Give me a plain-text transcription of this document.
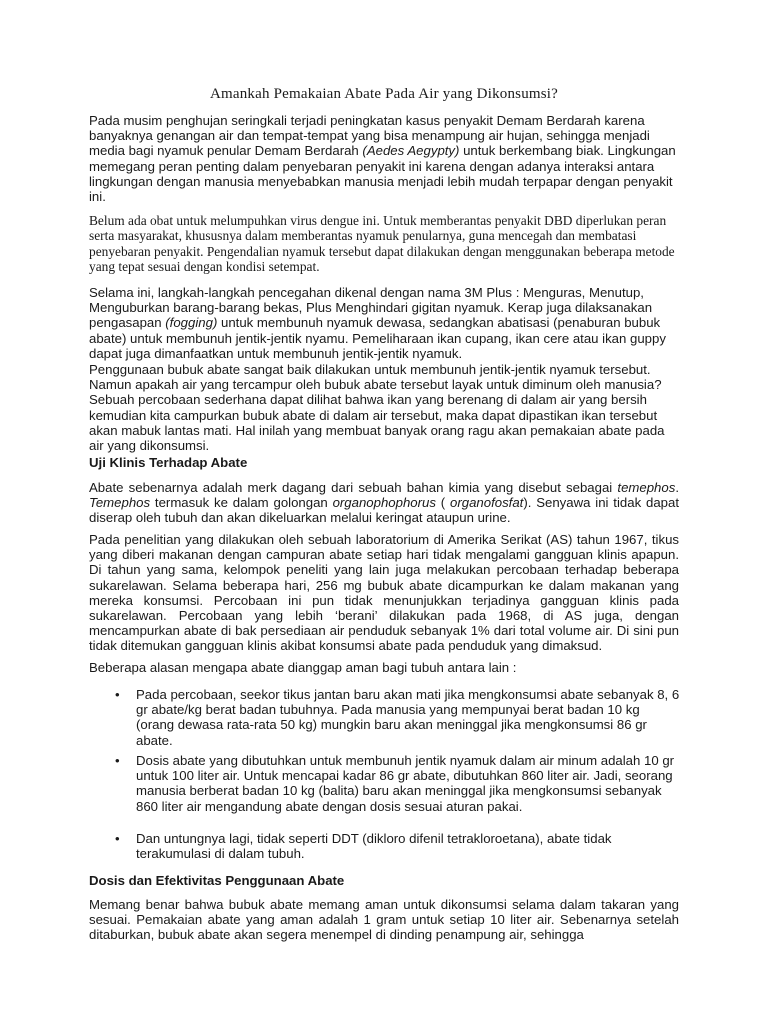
Amankah Pemakaian Abate Pada Air yang Dikonsumsi?

Pada musim penghujan seringkali terjadi peningkatan kasus penyakit Demam Berdarah karena banyaknya genangan air dan tempat-tempat yang bisa menampung air hujan, sehingga menjadi media bagi nyamuk penular Demam Berdarah (Aedes Aegypty) untuk berkembang biak. Lingkungan memegang peran penting dalam penyebaran penyakit ini karena dengan adanya interaksi antara lingkungan dengan manusia menyebabkan manusia menjadi lebih mudah terpapar dengan penyakit ini.

Belum ada obat untuk melumpuhkan virus dengue ini. Untuk memberantas penyakit DBD diperlukan peran serta masyarakat, khususnya dalam memberantas nyamuk penularnya, guna mencegah dan membatasi penyebaran penyakit. Pengendalian nyamuk tersebut dapat dilakukan dengan menggunakan beberapa metode yang tepat sesuai dengan kondisi setempat.

Selama ini, langkah-langkah pencegahan dikenal dengan nama 3M Plus : Menguras, Menutup, Menguburkan barang-barang bekas, Plus Menghindari gigitan nyamuk. Kerap juga dilaksanakan pengasapan (fogging) untuk membunuh nyamuk dewasa, sedangkan abatisasi (penaburan bubuk abate) untuk membunuh jentik-jentik nyamu. Pemeliharaan ikan cupang, ikan cere atau ikan guppy dapat juga dimanfaatkan untuk membunuh jentik-jentik nyamuk.

Penggunaan bubuk abate sangat baik dilakukan untuk membunuh jentik-jentik nyamuk tersebut. Namun apakah air yang tercampur oleh bubuk abate tersebut layak untuk diminum oleh manusia? Sebuah percobaan sederhana dapat dilihat bahwa ikan yang berenang di dalam air yang bersih kemudian kita campurkan bubuk abate di dalam air tersebut, maka dapat dipastikan ikan tersebut akan mabuk lantas mati. Hal inilah yang membuat banyak orang ragu akan pemakaian abate pada air yang dikonsumsi.

Uji Klinis Terhadap Abate

Abate sebenarnya adalah merk dagang dari sebuah bahan kimia yang disebut sebagai temephos. Temephos termasuk ke dalam golongan organophophorus ( organofosfat). Senyawa ini tidak dapat diserap oleh tubuh dan akan dikeluarkan melalui keringat ataupun urine.

Pada penelitian yang dilakukan oleh sebuah laboratorium di Amerika Serikat (AS) tahun 1967, tikus yang diberi makanan dengan campuran abate setiap hari tidak mengalami gangguan klinis apapun. Di tahun yang sama, kelompok peneliti yang lain juga melakukan percobaan terhadap beberapa sukarelawan. Selama beberapa hari, 256 mg bubuk abate dicampurkan ke dalam makanan yang mereka konsumsi. Percobaan ini pun tidak menunjukkan terjadinya gangguan klinis pada sukarelawan. Percobaan yang lebih ‘berani’ dilakukan pada 1968, di AS juga, dengan mencampurkan abate di bak persediaan air penduduk sebanyak 1% dari total volume air. Di sini pun tidak ditemukan gangguan klinis akibat konsumsi abate pada penduduk yang dimaksud.

Beberapa alasan mengapa abate dianggap aman bagi tubuh antara lain :

• Pada percobaan, seekor tikus jantan baru akan mati jika mengkonsumsi abate sebanyak 8, 6 gr abate/kg berat badan tubuhnya. Pada manusia yang mempunyai berat badan 10 kg (orang dewasa rata-rata 50 kg) mungkin baru akan meninggal jika mengkonsumsi 86 gr abate.
• Dosis abate yang dibutuhkan untuk membunuh jentik nyamuk dalam air minum adalah 10 gr untuk 100 liter air. Untuk mencapai kadar 86 gr abate, dibutuhkan 860 liter air. Jadi, seorang manusia berberat badan 10 kg (balita) baru akan meninggal jika mengkonsumsi sebanyak 860 liter air mengandung abate dengan dosis sesuai aturan pakai.
• Dan untungnya lagi, tidak seperti DDT (dikloro difenil tetrakloroetana), abate tidak terakumulasi di dalam tubuh.
Dosis dan Efektivitas Penggunaan Abate

Memang benar bahwa bubuk abate memang aman untuk dikonsumsi selama dalam takaran yang sesuai. Pemakaian abate yang aman adalah 1 gram untuk setiap 10 liter air. Sebenarnya setelah ditaburkan, bubuk abate akan segera menempel di dinding penampung air, sehingga
